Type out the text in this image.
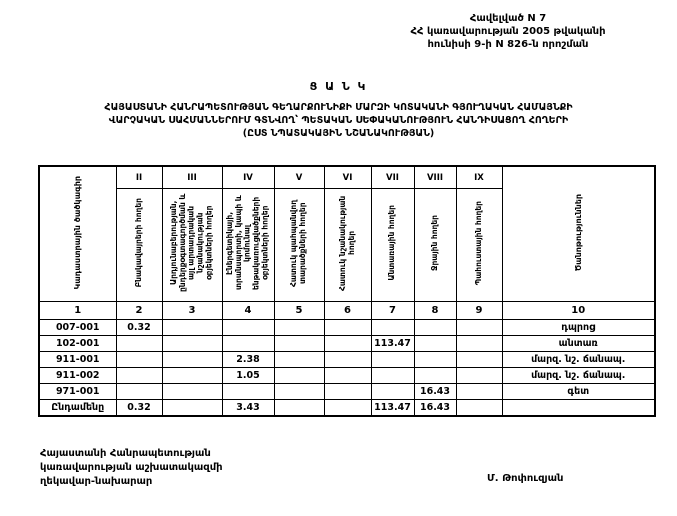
Հավելված N 7
ՀՀ կառավարության 2005 թվականի
հունիսի 9-ի N 826-ն որոշման
Ց Ա Ն Կ
ՀԱՅԱՍՏԱՆԻ ՀԱՆՐԱՊԵՏՈՒԹՅԱՆ ԳԵՂԱՐՔՈՒՆԻՔԻ ՄԱՐԶԻ ԿՈՏԱԿԱՆԻ ԳՅՈՒՂԱԿԱՆ ՀԱՄԱՅՆՔԻ
ՎԱՐՉԱԿԱՆ ՍԱՀՄԱՆՆԵՐՈՒՄ ԳՏՆՎՈՂ՝ ՊԵՏԱԿԱՆ ՍԵՓԱԿԱՆՈՒԹՅՈՒՆ ՀԱՆԴԻՍԱՑՈՂ ՀՈՂԵՐԻ
(ԸՍՏ ՆՊԱՏԱԿԱՅԻՆ ՆՇԱՆԱԿՈՒԹՅԱՆ)
Կադաստրային ծածկագիր	II	III	IV	V	VI	VII	VIII	IX	Ծանոթություններ
	Բնակավայրերի հողեր	Արդյունաբերության, ընդերքօգտագործման և այլ արտադրական նշանակության օբյեկտների հողեր	Էներգետիկայի, տրանսպորտի, կապի և կոմունալ ենթակառուցվածքների օբյեկտների հողեր	Հատուկ պահպանվող տարածքների հողեր	Հատուկ նշանակության հողեր	Անտառային հողեր	Ջրային հողեր	Պահուստային հողեր	
1	2	3	4	5	6	7	8	9	10
007-001	0.32								դպրոց
102-001						113.47			անտառ
911-001			2.38						մարզ. նշ. ճանապ.
911-002			1.05						մարզ. նշ. ճանապ.
971-001							16.43		գետ
Ընդամենը	0.32		3.43			113.47	16.43		
Հայաստանի Հանրապետության
կառավարության աշխատակազմի
ղեկավար-նախարար	Մ. Թոփուզյան
